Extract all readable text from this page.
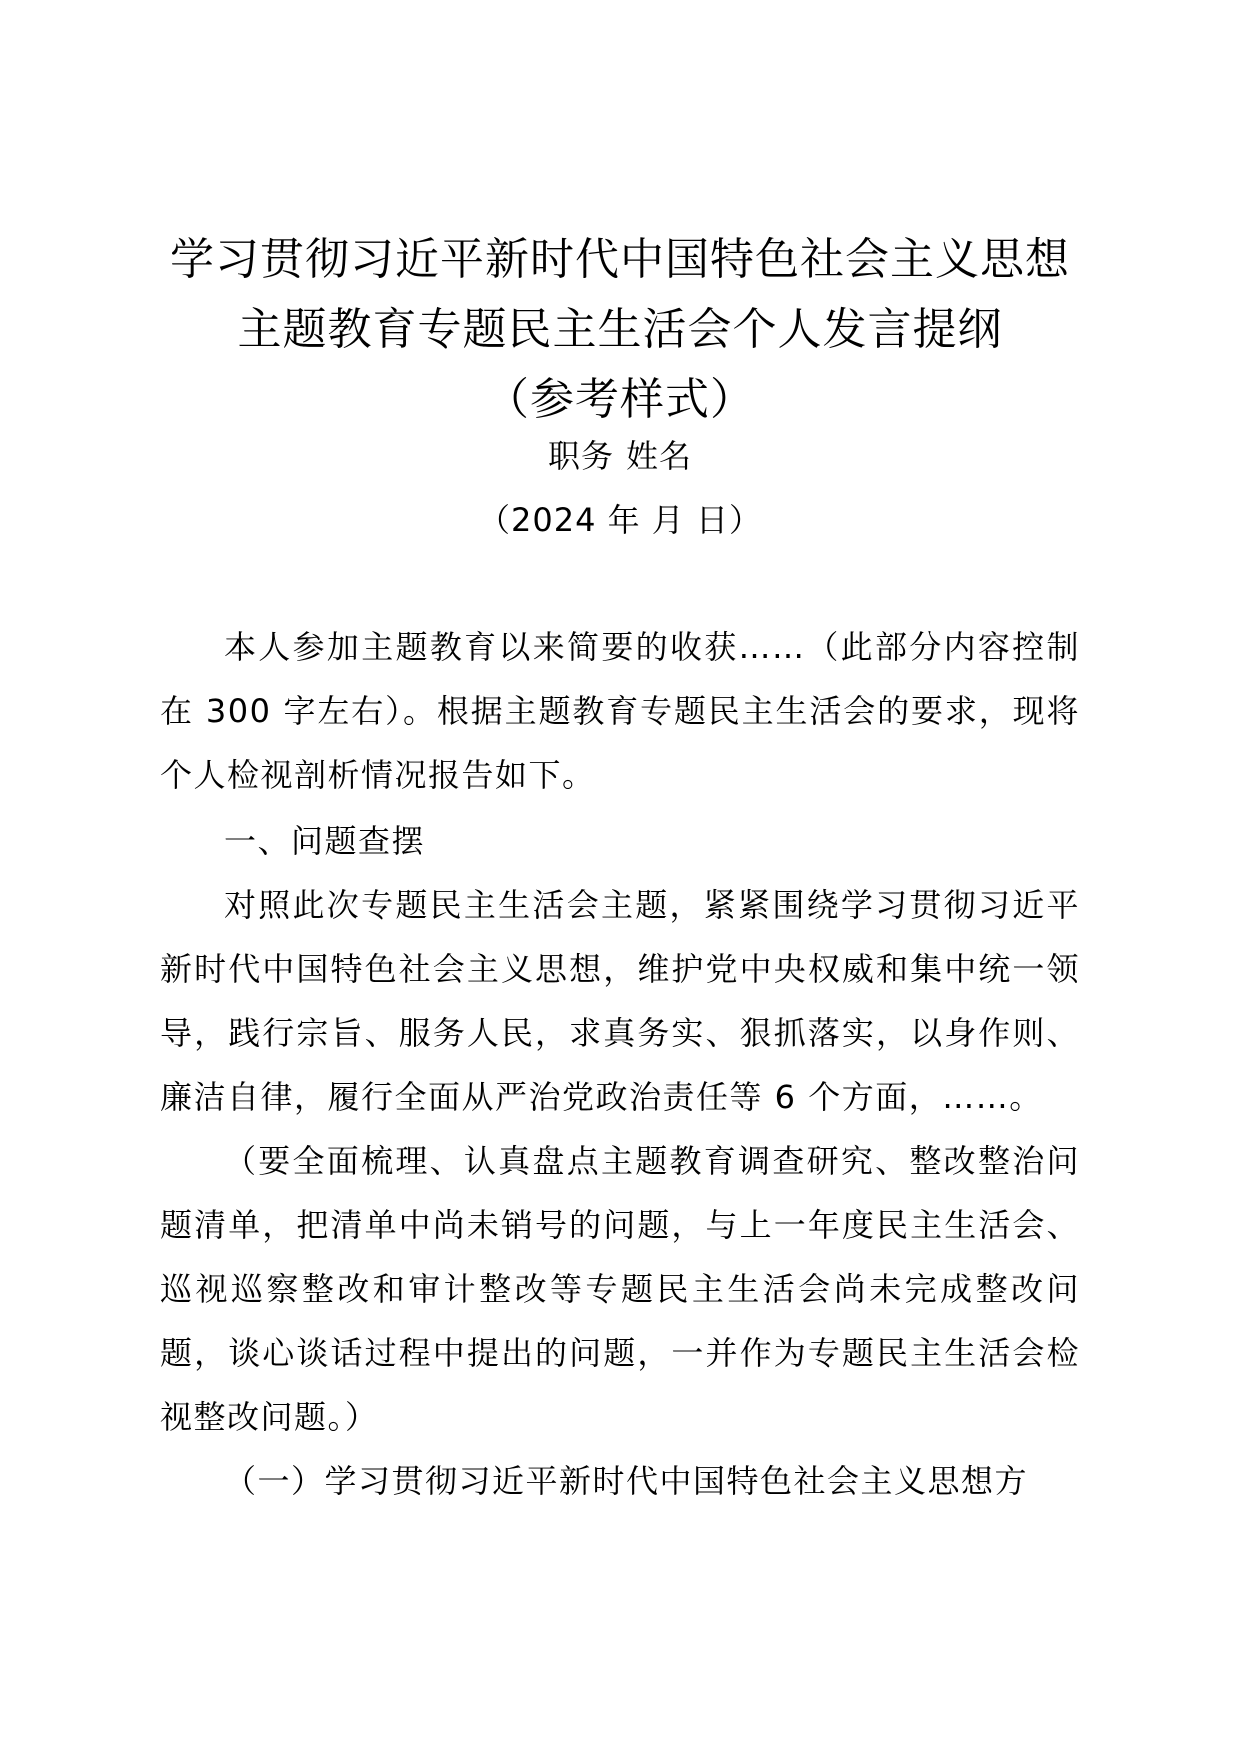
学习贯彻习近平新时代中国特色社会主义思想

主题教育专题民主生活会个人发言提纲

（参考样式）

职务 姓名
（2024 年 月 日）

本人参加主题教育以来简要的收获……（此部分内容控制在 300 字左右）。根据主题教育专题民主生活会的要求，现将个人检视剖析情况报告如下。

一、问题查摆

对照此次专题民主生活会主题，紧紧围绕学习贯彻习近平新时代中国特色社会主义思想，维护党中央权威和集中统一领导，践行宗旨、服务人民，求真务实、狠抓落实，以身作则、廉洁自律，履行全面从严治党政治责任等 6 个方面，……。

（要全面梳理、认真盘点主题教育调查研究、整改整治问题清单，把清单中尚未销号的问题，与上一年度民主生活会、巡视巡察整改和审计整改等专题民主生活会尚未完成整改问题，谈心谈话过程中提出的问题，一并作为专题民主生活会检视整改问题。）

（一）学习贯彻习近平新时代中国特色社会主义思想方
